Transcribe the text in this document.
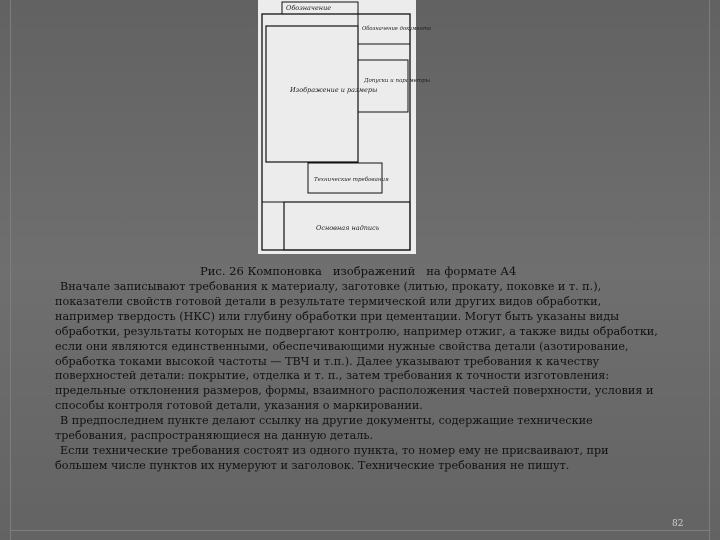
Обозначение
Обозначение документа
Изображение и размеры
Допуски и параметры
Технические требования
Основная надпись
Рис. 26 Компоновка   изображений   на формате А4

Вначале записывают требования к материалу, заготовке (литью, прокату, поковке и т. п.), показатели свойств готовой детали в результате термической или других видов обработки, например твердость (НКС) или глубину обработки при цементации. Могут быть указаны виды обработки, результаты которых не подвергают контролю, например отжиг, а также виды обработки, если они являются единственными, обеспечивающими нужные свойства детали (азотирование, обработка токами высокой частоты — ТВЧ и т.п.). Далее указывают требования к качеству поверхностей детали: покрытие, отделка и т. п., затем требования к точности изготовления: предельные отклонения размеров, формы, взаимного расположения частей поверхности, условия и способы контроля готовой детали, указания о маркировании.

В предпоследнем пункте делают ссылку на другие документы, содержащие технические требования, распространяющиеся на данную деталь.

Если технические требования состоят из одного пункта, то номер ему не присваивают, при большем числе пунктов их нумеруют и заголовок. Технические требования не пишут.

82
